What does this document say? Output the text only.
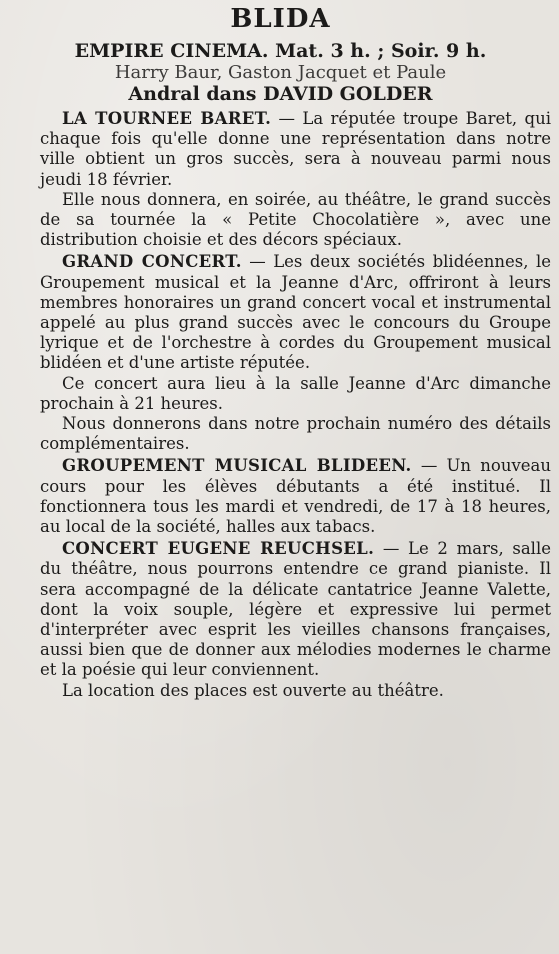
BLIDA
EMPIRE CINEMA. Mat. 3 h. ; Soir. 9 h.
Harry Baur, Gaston Jacquet et Paule
Andral dans DAVID GOLDER

LA TOURNEE BARET. — La réputée troupe Baret, qui chaque fois qu'elle donne une représentation dans notre ville obtient un gros succès, sera à nouveau parmi nous jeudi 18 février.

Elle nous donnera, en soirée, au théâtre, le grand succès de sa tournée la « Petite Chocolatière », avec une distribution choisie et des décors spéciaux.

GRAND CONCERT. — Les deux sociétés blidéennes, le Groupement musical et la Jeanne d'Arc, offriront à leurs membres honoraires un grand concert vocal et instrumental appelé au plus grand succès avec le concours du Groupe lyrique et de l'orchestre à cordes du Groupement musical blidéen et d'une artiste réputée.

Ce concert aura lieu à la salle Jeanne d'Arc dimanche prochain à 21 heures.

Nous donnerons dans notre prochain numéro des détails complémentaires.

GROUPEMENT MUSICAL BLIDEEN. — Un nouveau cours pour les élèves débutants a été institué. Il fonctionnera tous les mardi et vendredi, de 17 à 18 heures, au local de la société, halles aux tabacs.

CONCERT EUGENE REUCHSEL. — Le 2 mars, salle du théâtre, nous pourrons entendre ce grand pianiste. Il sera accompagné de la délicate cantatrice Jeanne Valette, dont la voix souple, légère et expressive lui permet d'interpréter avec esprit les vieilles chansons françaises, aussi bien que de donner aux mélodies modernes le charme et la poésie qui leur conviennent.

La location des places est ouverte au théâtre.
